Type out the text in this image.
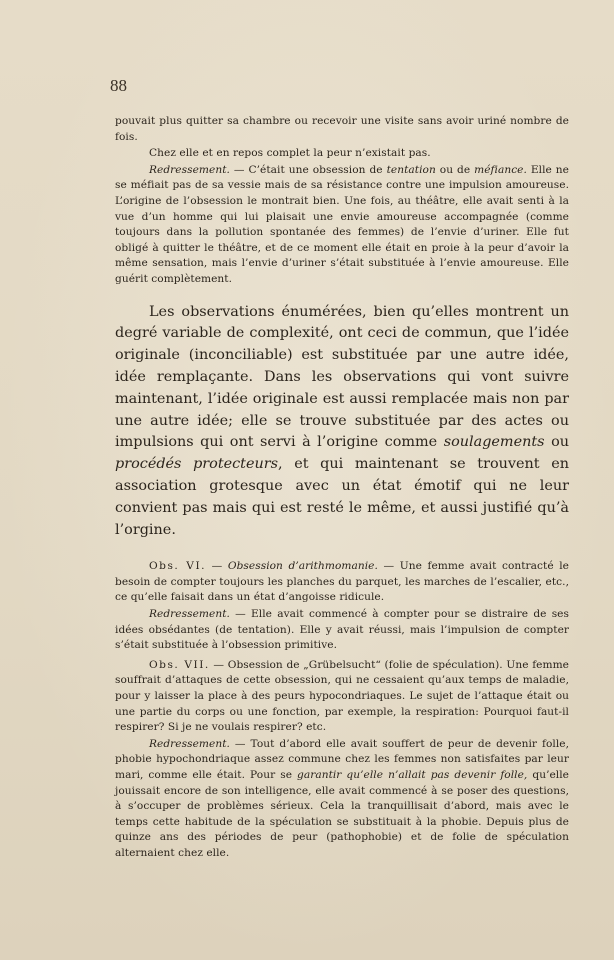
88

pouvait plus quitter sa chambre ou recevoir une visite sans avoir uriné nombre de fois.

Chez elle et en repos complet la peur n’existait pas.

Redressement. — C’était une obsession de tentation ou de méfiance. Elle ne se méfiait pas de sa vessie mais de sa résistance contre une impulsion amoureuse. L’origine de l’obsession le montrait bien. Une fois, au théâtre, elle avait senti à la vue d’un homme qui lui plaisait une envie amoureuse accompagnée (comme toujours dans la pollution spontanée des femmes) de l’envie d’uriner. Elle fut obligé à quitter le théâtre, et de ce moment elle était en proie à la peur d’avoir la même sensation, mais l’envie d’uriner s’était substituée à l’envie amoureuse. Elle guérit complètement.

Les observations énumérées, bien qu’elles montrent un degré variable de complexité, ont ceci de commun, que l’idée originale (inconciliable) est substituée par une autre idée, idée remplaçante. Dans les observations qui vont suivre maintenant, l’idée originale est aussi remplacée mais non par une autre idée; elle se trouve substituée par des actes ou impulsions qui ont servi à l’origine comme soulagements ou procédés protecteurs, et qui maintenant se trouvent en association grotesque avec un état émotif qui ne leur convient pas mais qui est resté le même, et aussi justifié qu’à l’orgine.

Obs. VI. — Obsession d’arithmomanie. — Une femme avait contracté le besoin de compter toujours les planches du parquet, les marches de l’escalier, etc., ce qu’elle faisait dans un état d’angoisse ridicule.

Redressement. — Elle avait commencé à compter pour se distraire de ses idées obsédantes (de tentation). Elle y avait réussi, mais l’impulsion de compter s’était substituée à l’obsession primitive.

Obs. VII. — Obsession de „Grübelsucht“ (folie de spéculation). Une femme souffrait d’attaques de cette obsession, qui ne cessaient qu’aux temps de maladie, pour y laisser la place à des peurs hypocondriaques. Le sujet de l’attaque était ou une partie du corps ou une fonction, par exemple, la respiration: Pourquoi faut-il respirer? Si je ne voulais respirer? etc.

Redressement. — Tout d’abord elle avait souffert de peur de devenir folle, phobie hypochondriaque assez commune chez les femmes non satisfaites par leur mari, comme elle était. Pour se garantir qu’elle n’allait pas devenir folle, qu’elle jouissait encore de son intelligence, elle avait commencé à se poser des questions, à s’occuper de problèmes sérieux. Cela la tranquillisait d’abord, mais avec le temps cette habitude de la spéculation se substituait à la phobie. Depuis plus de quinze ans des périodes de peur (pathophobie) et de folie de spéculation alternaient chez elle.
